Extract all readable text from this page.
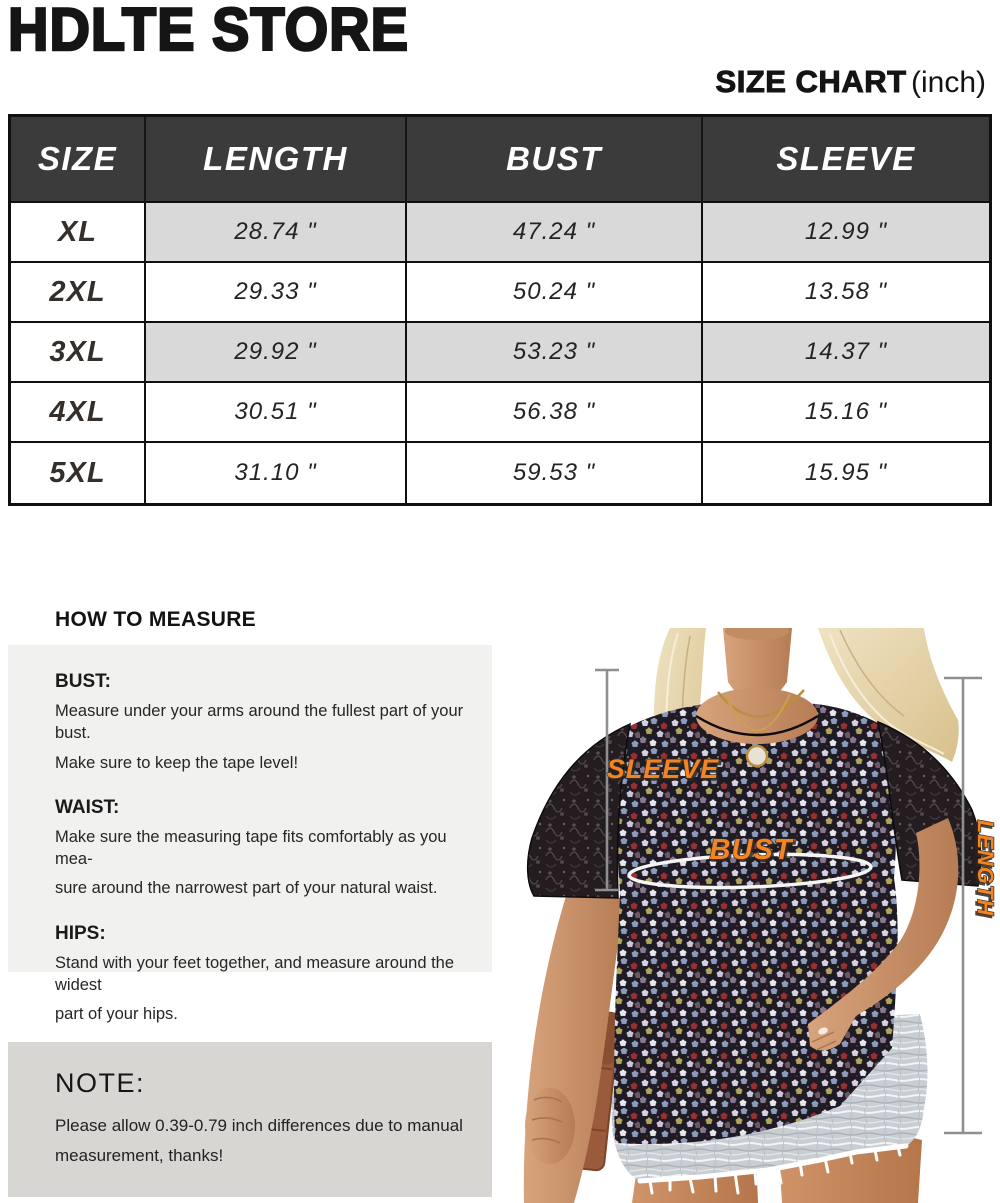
HDLTE STORE
SIZE CHART (inch)
SIZE	LENGTH	BUST	SLEEVE
XL	28.74 "	47.24 "	12.99 "
2XL	29.33 "	50.24 "	13.58 "
3XL	29.92 "	53.23 "	14.37 "
4XL	30.51 "	56.38 "	15.16 "
5XL	31.10 "	59.53 "	15.95 "
HOW TO MEASURE

BUST:

Measure under your arms around the fullest part of your bust.

Make sure to keep the tape level!

WAIST:

Make sure the measuring tape fits comfortably as you mea-

sure around the narrowest part of your natural waist.

HIPS:

Stand with your feet together, and measure around the widest

part of your hips.

NOTE:

Please allow 0.39-0.79 inch differences due to manual

measurement, thanks!

SLEEVE
BUST	LENGTH
